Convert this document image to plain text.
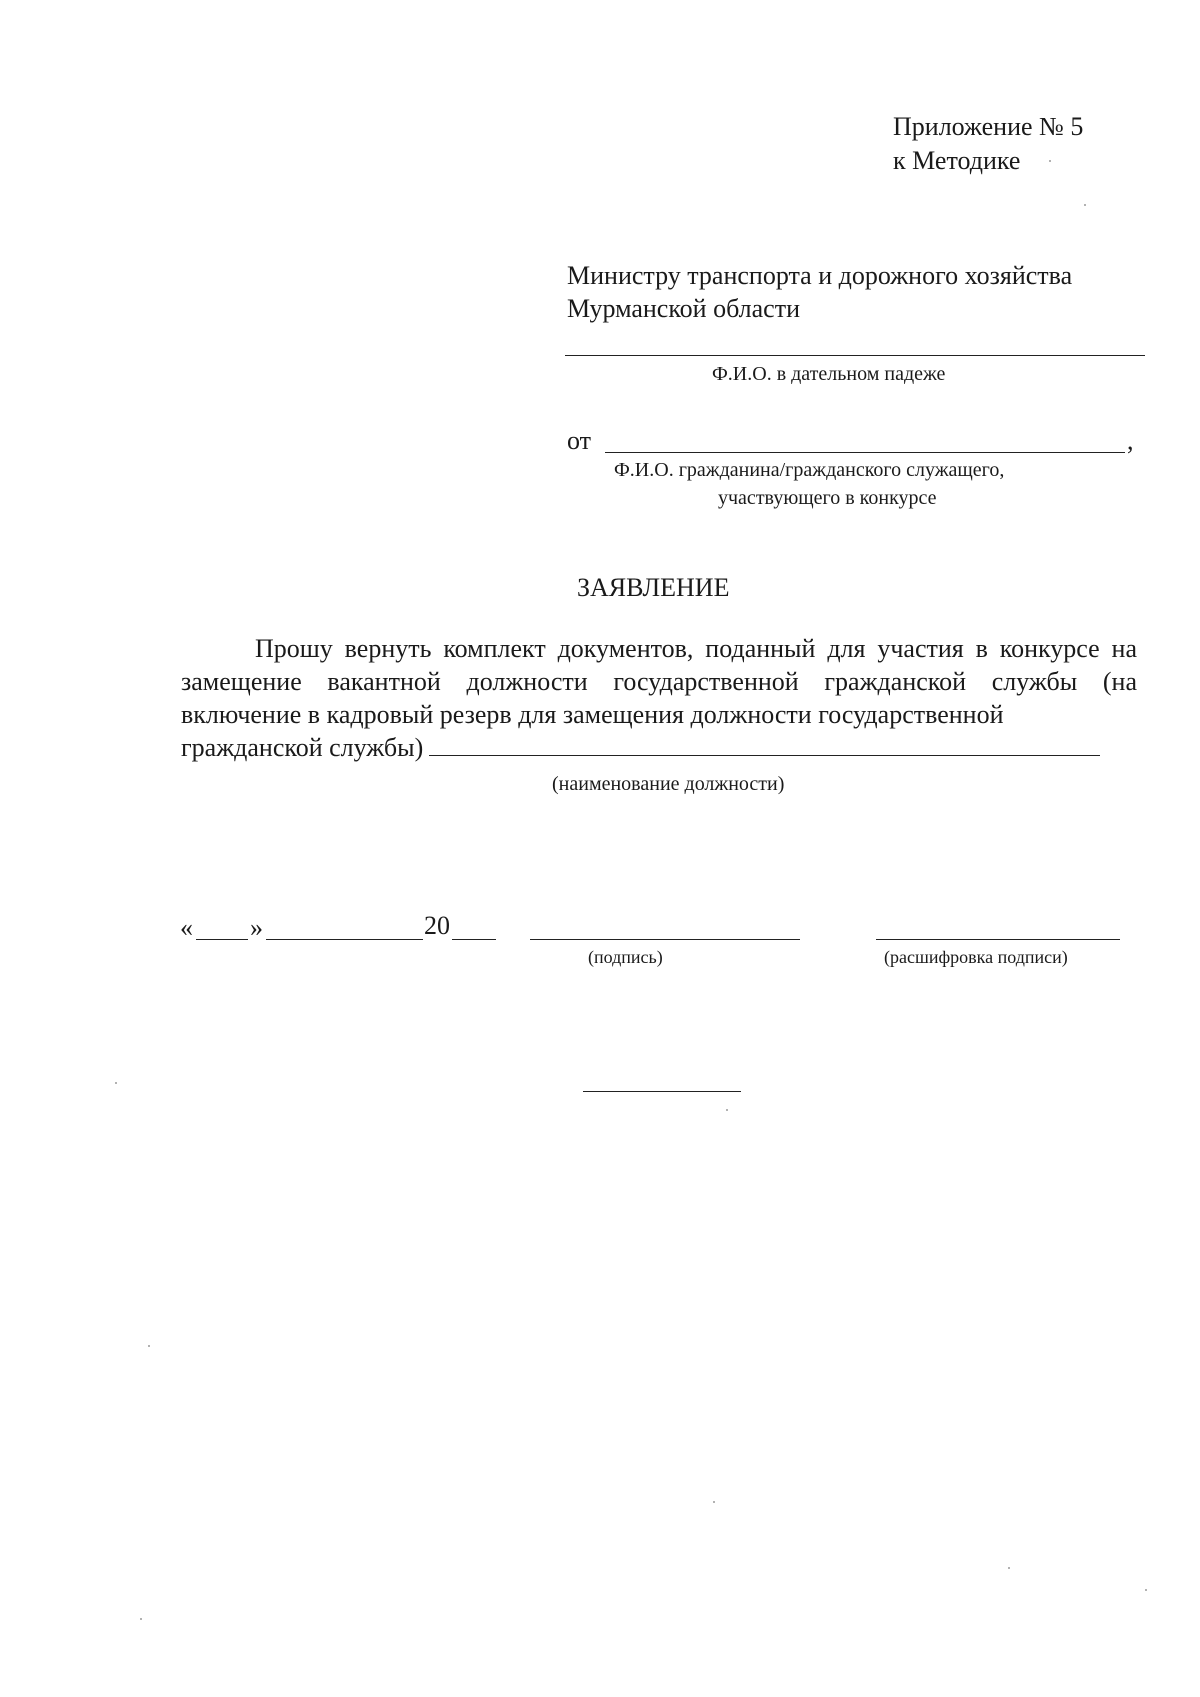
Приложение № 5
к Методике
Министру транспорта и дорожного хозяйства
Мурманской области
Ф.И.О. в дательном падеже
от	,
Ф.И.О. гражданина/гражданского служащего,
участвующего в конкурсе
ЗАЯВЛЕНИЕ
Прошу вернуть комплект документов, поданный для участия в конкурсе на замещение вакантной должности государственной гражданской службы (на включение в кадровый резерв для замещения должности государственной
гражданской службы)
(наименование должности)
« »	20
(подпись)	(расшифровка подписи)
